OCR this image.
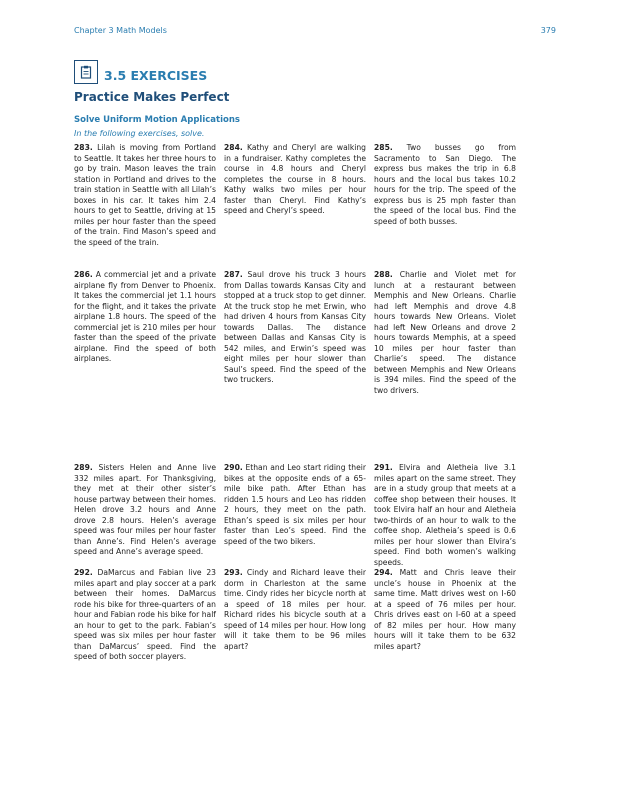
Chapter 3 Math Models	379
3.5 EXERCISES
Practice Makes Perfect
Solve Uniform Motion Applications
In the following exercises, solve.
283. Lilah is moving from Portland to Seattle. It takes her three hours to go by train. Mason leaves the train station in Portland and drives to the train station in Seattle with all Lilah’s boxes in his car. It takes him 2.4 hours to get to Seattle, driving at 15 miles per hour faster than the speed of the train. Find Mason’s speed and the speed of the train.
284. Kathy and Cheryl are walking in a fundraiser. Kathy completes the course in 4.8 hours and Cheryl completes the course in 8 hours. Kathy walks two miles per hour faster than Cheryl. Find Kathy’s speed and Cheryl’s speed.
285. Two busses go from Sacramento to San Diego. The express bus makes the trip in 6.8 hours and the local bus takes 10.2 hours for the trip. The speed of the express bus is 25 mph faster than the speed of the local bus. Find the speed of both busses.
286. A commercial jet and a private airplane fly from Denver to Phoenix. It takes the commercial jet 1.1 hours for the flight, and it takes the private airplane 1.8 hours. The speed of the commercial jet is 210 miles per hour faster than the speed of the private airplane. Find the speed of both airplanes.
287. Saul drove his truck 3 hours from Dallas towards Kansas City and stopped at a truck stop to get dinner. At the truck stop he met Erwin, who had driven 4 hours from Kansas City towards Dallas. The distance between Dallas and Kansas City is 542 miles, and Erwin’s speed was eight miles per hour slower than Saul’s speed. Find the speed of the two truckers.
288. Charlie and Violet met for lunch at a restaurant between Memphis and New Orleans. Charlie had left Memphis and drove 4.8 hours towards New Orleans. Violet had left New Orleans and drove 2 hours towards Memphis, at a speed 10 miles per hour faster than Charlie’s speed. The distance between Memphis and New Orleans is 394 miles. Find the speed of the two drivers.
289. Sisters Helen and Anne live 332 miles apart. For Thanksgiving, they met at their other sister’s house partway between their homes. Helen drove 3.2 hours and Anne drove 2.8 hours. Helen’s average speed was four miles per hour faster than Anne’s. Find Helen’s average speed and Anne’s average speed.
290. Ethan and Leo start riding their bikes at the opposite ends of a 65-mile bike path. After Ethan has ridden 1.5 hours and Leo has ridden 2 hours, they meet on the path. Ethan’s speed is six miles per hour faster than Leo’s speed. Find the speed of the two bikers.
291. Elvira and Aletheia live 3.1 miles apart on the same street. They are in a study group that meets at a coffee shop between their houses. It took Elvira half an hour and Aletheia two-thirds of an hour to walk to the coffee shop. Aletheia’s speed is 0.6 miles per hour slower than Elvira’s speed. Find both women’s walking speeds.
292. DaMarcus and Fabian live 23 miles apart and play soccer at a park between their homes. DaMarcus rode his bike for three-quarters of an hour and Fabian rode his bike for half an hour to get to the park. Fabian’s speed was six miles per hour faster than DaMarcus’ speed. Find the speed of both soccer players.
293. Cindy and Richard leave their dorm in Charleston at the same time. Cindy rides her bicycle north at a speed of 18 miles per hour. Richard rides his bicycle south at a speed of 14 miles per hour. How long will it take them to be 96 miles apart?
294. Matt and Chris leave their uncle’s house in Phoenix at the same time. Matt drives west on I-60 at a speed of 76 miles per hour. Chris drives east on I-60 at a speed of 82 miles per hour. How many hours will it take them to be 632 miles apart?
